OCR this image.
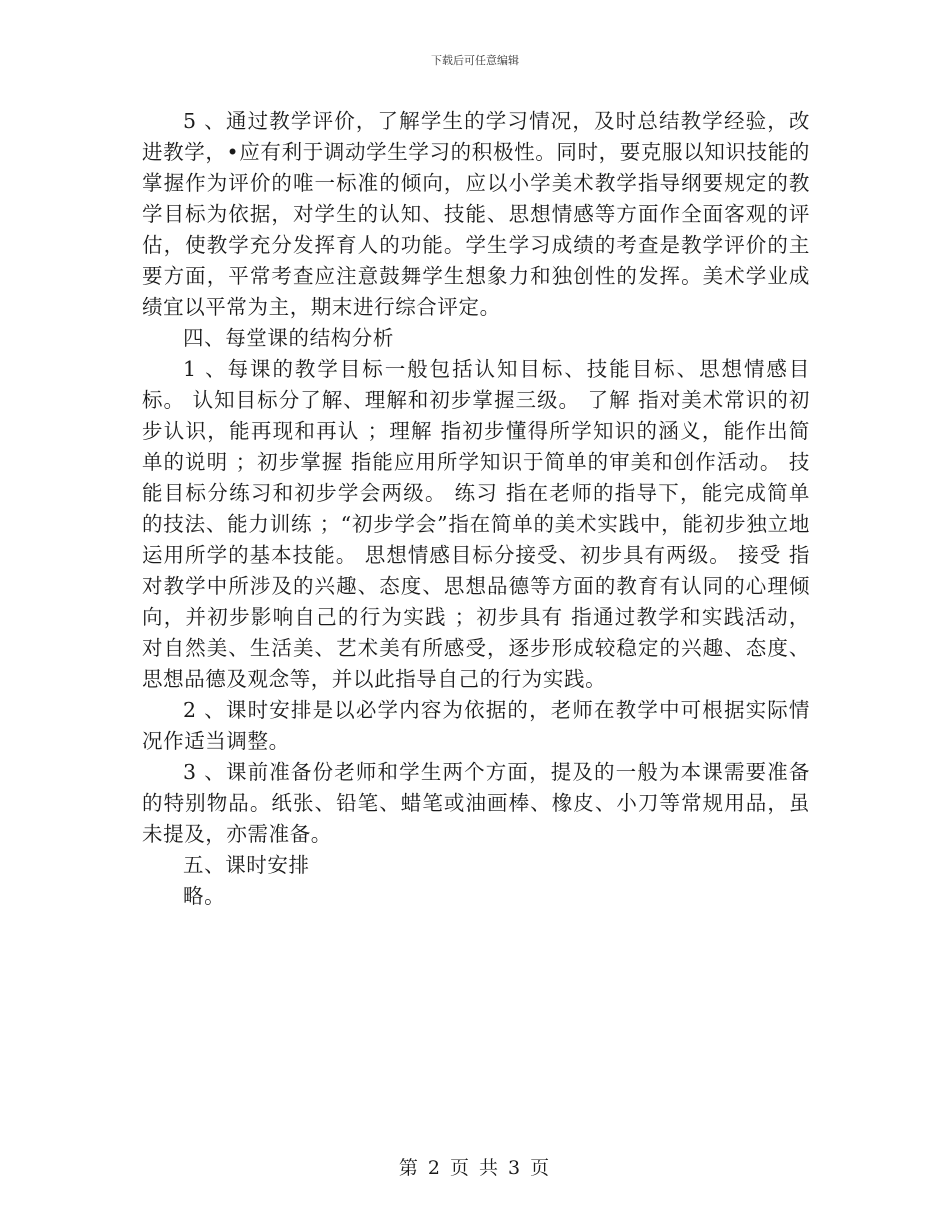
下载后可任意编辑

5 、通过教学评价，了解学生的学习情况，及时总结教学经验，改进教学，•应有利于调动学生学习的积极性。同时，要克服以知识技能的掌握作为评价的唯一标准的倾向，应以小学美术教学指导纲要规定的教学目标为依据，对学生的认知、技能、思想情感等方面作全面客观的评估，使教学充分发挥育人的功能。学生学习成绩的考查是教学评价的主要方面，平常考查应注意鼓舞学生想象力和独创性的发挥。美术学业成绩宜以平常为主，期末进行综合评定。

四、每堂课的结构分析

1 、每课的教学目标一般包括认知目标、技能目标、思想情感目标。 认知目标分了解、理解和初步掌握三级。 了解 指对美术常识的初步认识，能再现和再认 ；理解 指初步懂得所学知识的涵义，能作出简单的说明 ；初步掌握 指能应用所学知识于简单的审美和创作活动。 技能目标分练习和初步学会两级。 练习 指在老师的指导下，能完成简单的技法、能力训练 ；“初步学会”指在简单的美术实践中，能初步独立地运用所学的基本技能。 思想情感目标分接受、初步具有两级。 接受 指对教学中所涉及的兴趣、态度、思想品德等方面的教育有认同的心理倾向，并初步影响自己的行为实践 ；初步具有 指通过教学和实践活动，对自然美、生活美、艺术美有所感受，逐步形成较稳定的兴趣、态度、思想品德及观念等，并以此指导自己的行为实践。

2 、课时安排是以必学内容为依据的，老师在教学中可根据实际情况作适当调整。

3 、课前准备份老师和学生两个方面，提及的一般为本课需要准备的特别物品。纸张、铅笔、蜡笔或油画棒、橡皮、小刀等常规用品，虽未提及，亦需准备。

五、课时安排

略。

第 2 页 共 3 页
